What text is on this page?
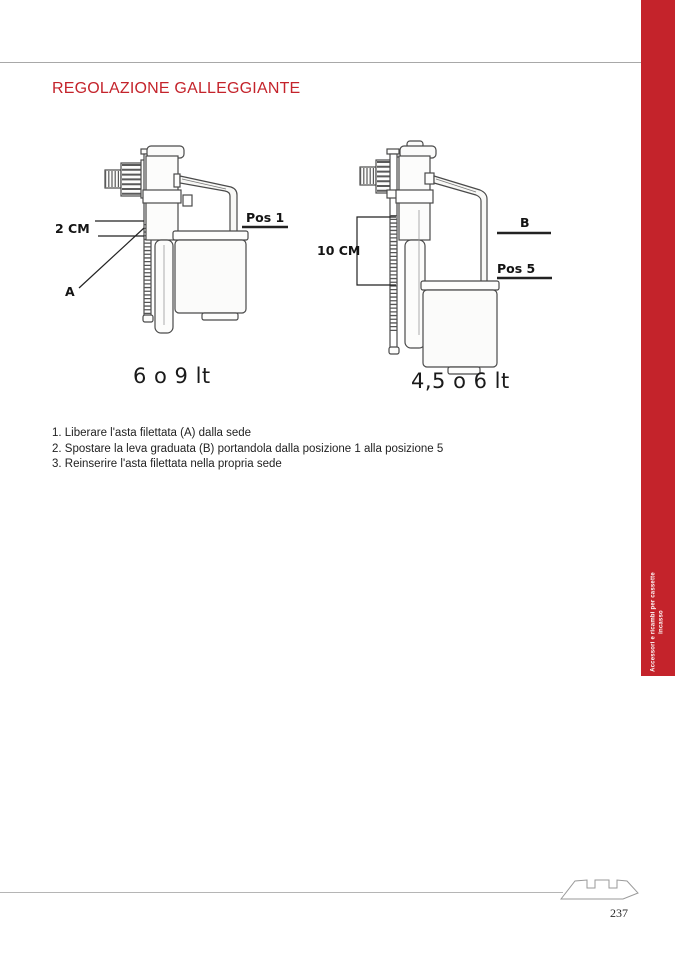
Accessori e ricambi per cassette incasso
REGOLAZIONE GALLEGGIANTE
2 CM
A
Pos 1
6 o 9 lt
10 CM
B
Pos 5
4,5 o 6 lt
1. Liberare l'asta filettata (A) dalla sede
2. Spostare la leva graduata (B) portandola dalla posizione 1 alla posizione 5
3. Reinserire l'asta filettata nella propria sede
237
